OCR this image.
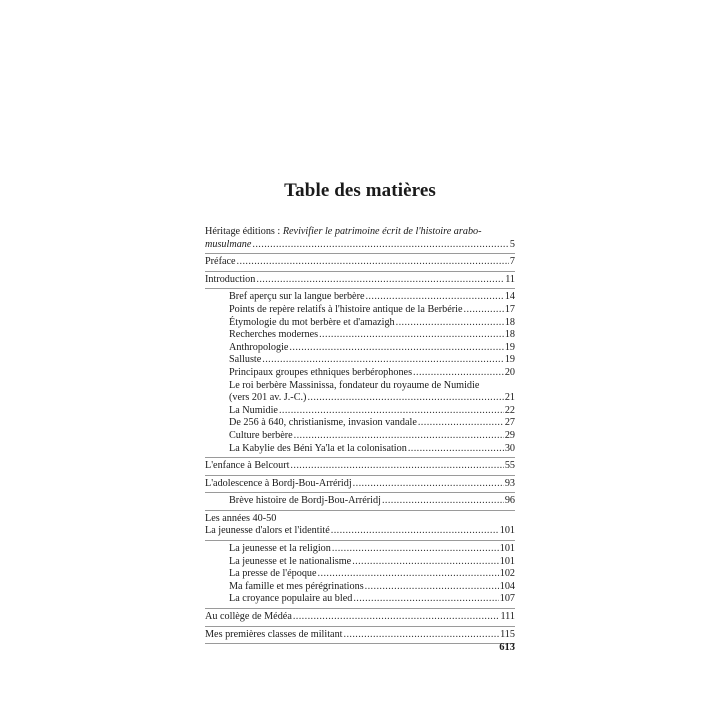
Table des matières
Héritage éditions : Revivifier le patrimoine écrit de l'histoire arabo-
musulmane .....	5
Préface .....	7
Introduction .....	11
Bref aperçu sur la langue berbère .....	14
Points de repère relatifs à l'histoire antique de la Berbérie .....	17
Étymologie du mot berbère et d'amazigh .....	18
Recherches modernes .....	18
Anthropologie .....	19
Salluste .....	19
Principaux groupes ethniques berbérophones .....	20
Le roi berbère Massinissa, fondateur du royaume de Numidie
(vers 201 av. J.-C.) .....	21
La Numidie .....	22
De 256 à 640, christianisme, invasion vandale .....	27
Culture berbère .....	29
La Kabylie des Béni Ya'la et la colonisation .....	30
L'enfance à Belcourt .....	55
L'adolescence à Bordj-Bou-Arréridj .....	93
Brève histoire de Bordj-Bou-Arréridj .....	96
Les années 40-50
La jeunesse d'alors et l'identité .....	101
La jeunesse et la religion .....	101
La jeunesse et le nationalisme .....	101
La presse de l'époque .....	102
Ma famille et mes pérégrinations .....	104
La croyance populaire au bled .....	107
Au collège de Médéa .....	111
Mes premières classes de militant .....	115
613
